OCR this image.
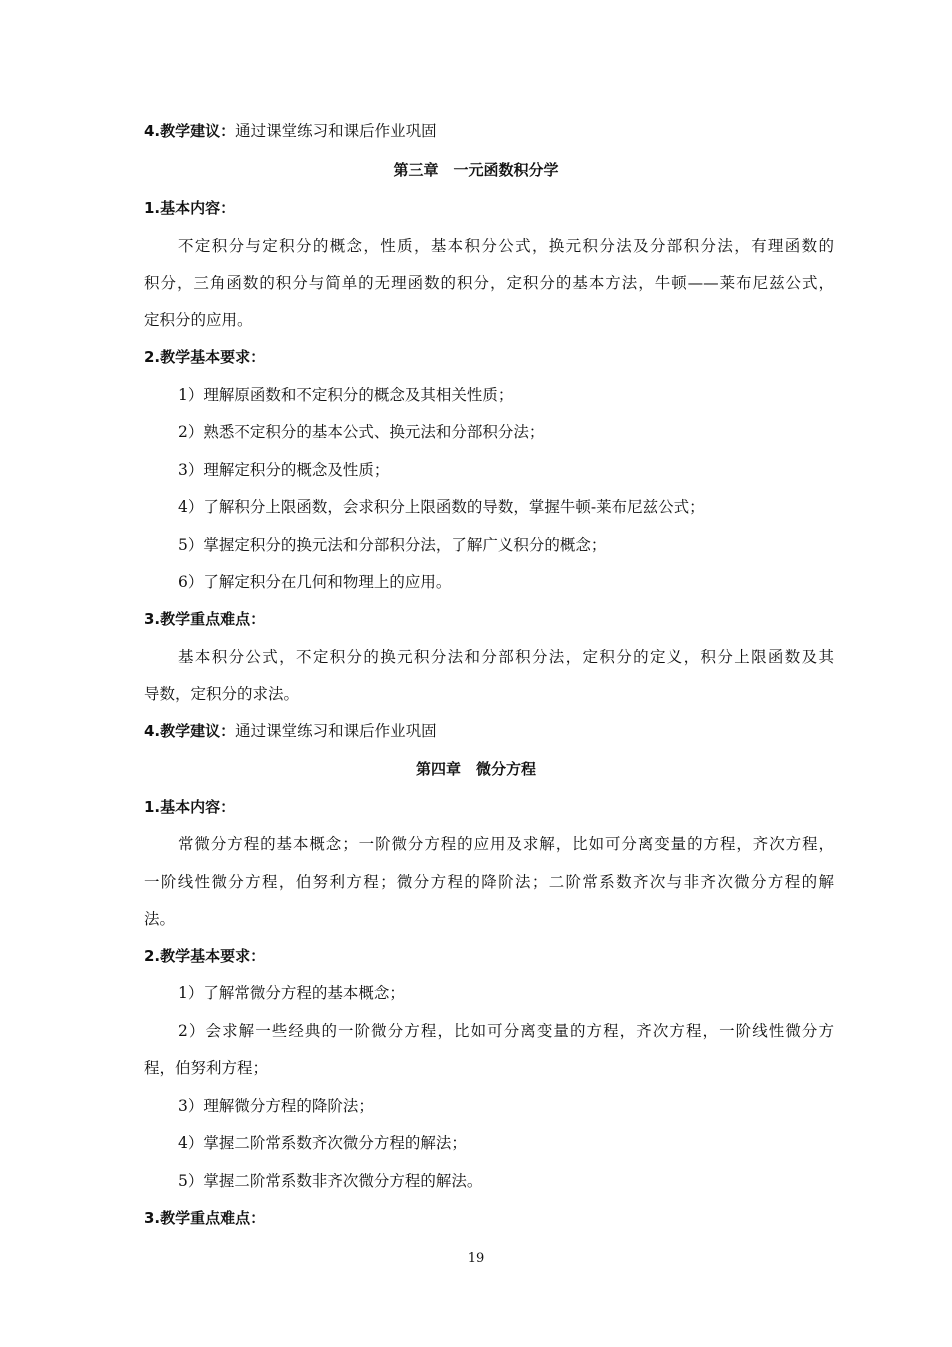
4.教学建议：通过课堂练习和课后作业巩固
第三章　一元函数积分学
1.基本内容：
不定积分与定积分的概念，性质，基本积分公式，换元积分法及分部积分法，有理函数的
积分，三角函数的积分与简单的无理函数的积分，定积分的基本方法，牛顿——莱布尼兹公式，
定积分的应用。
2.教学基本要求：
1）理解原函数和不定积分的概念及其相关性质；
2）熟悉不定积分的基本公式、换元法和分部积分法；
3）理解定积分的概念及性质；
4）了解积分上限函数，会求积分上限函数的导数，掌握牛顿-莱布尼兹公式；
5）掌握定积分的换元法和分部积分法，了解广义积分的概念；
6）了解定积分在几何和物理上的应用。
3.教学重点难点：
基本积分公式，不定积分的换元积分法和分部积分法，定积分的定义，积分上限函数及其
导数，定积分的求法。
4.教学建议：通过课堂练习和课后作业巩固
第四章　微分方程
1.基本内容：
常微分方程的基本概念；一阶微分方程的应用及求解，比如可分离变量的方程，齐次方程，
一阶线性微分方程，伯努利方程；微分方程的降阶法；二阶常系数齐次与非齐次微分方程的解
法。
2.教学基本要求：
1）了解常微分方程的基本概念；
2）会求解一些经典的一阶微分方程，比如可分离变量的方程，齐次方程，一阶线性微分方
程，伯努利方程；
3）理解微分方程的降阶法；
4）掌握二阶常系数齐次微分方程的解法；
5）掌握二阶常系数非齐次微分方程的解法。
3.教学重点难点：
19
